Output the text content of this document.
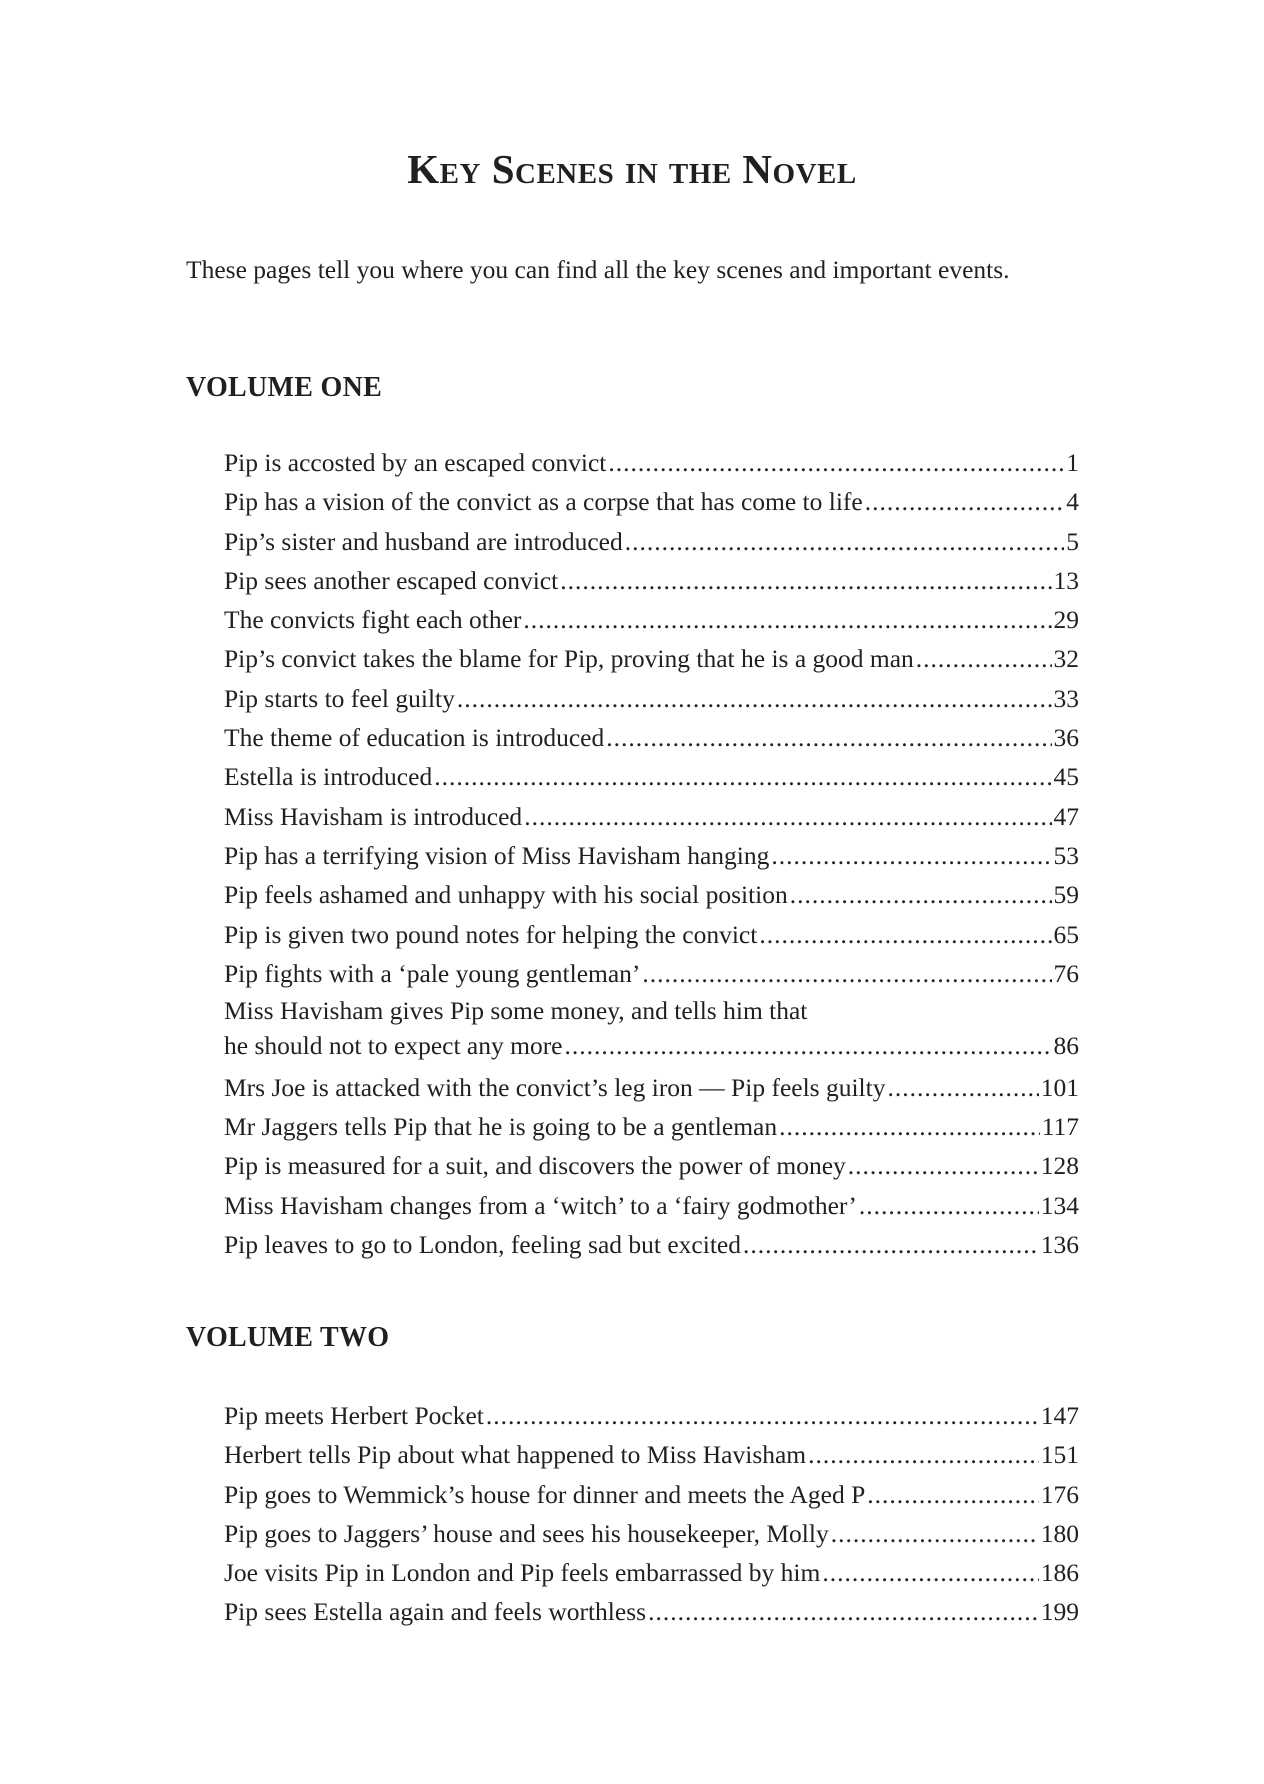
Key Scenes in the Novel

These pages tell you where you can find all the key scenes and important events.

VOLUME ONE
Pip is accosted by an escaped convict .....	1
Pip has a vision of the convict as a corpse that has come to life .....	4
Pip’s sister and husband are introduced .....	5
Pip sees another escaped convict .....	13
The convicts fight each other .....	29
Pip’s convict takes the blame for Pip, proving that he is a good man .....	32
Pip starts to feel guilty .....	33
The theme of education is introduced .....	36
Estella is introduced .....	45
Miss Havisham is introduced .....	47
Pip has a terrifying vision of Miss Havisham hanging .....	53
Pip feels ashamed and unhappy with his social position .....	59
Pip is given two pound notes for helping the convict .....	65
Pip fights with a ‘pale young gentleman’ .....	76
Miss Havisham gives Pip some money, and tells him that
he should not to expect any more .....	86
Mrs Joe is attacked with the convict’s leg iron — Pip feels guilty .....	101
Mr Jaggers tells Pip that he is going to be a gentleman .....	117
Pip is measured for a suit, and discovers the power of money .....	128
Miss Havisham changes from a ‘witch’ to a ‘fairy godmother’ .....	134
Pip leaves to go to London, feeling sad but excited .....	136
VOLUME TWO
Pip meets Herbert Pocket .....	147
Herbert tells Pip about what happened to Miss Havisham .....	151
Pip goes to Wemmick’s house for dinner and meets the Aged P .....	176
Pip goes to Jaggers’ house and sees his housekeeper, Molly .....	180
Joe visits Pip in London and Pip feels embarrassed by him .....	186
Pip sees Estella again and feels worthless .....	199
